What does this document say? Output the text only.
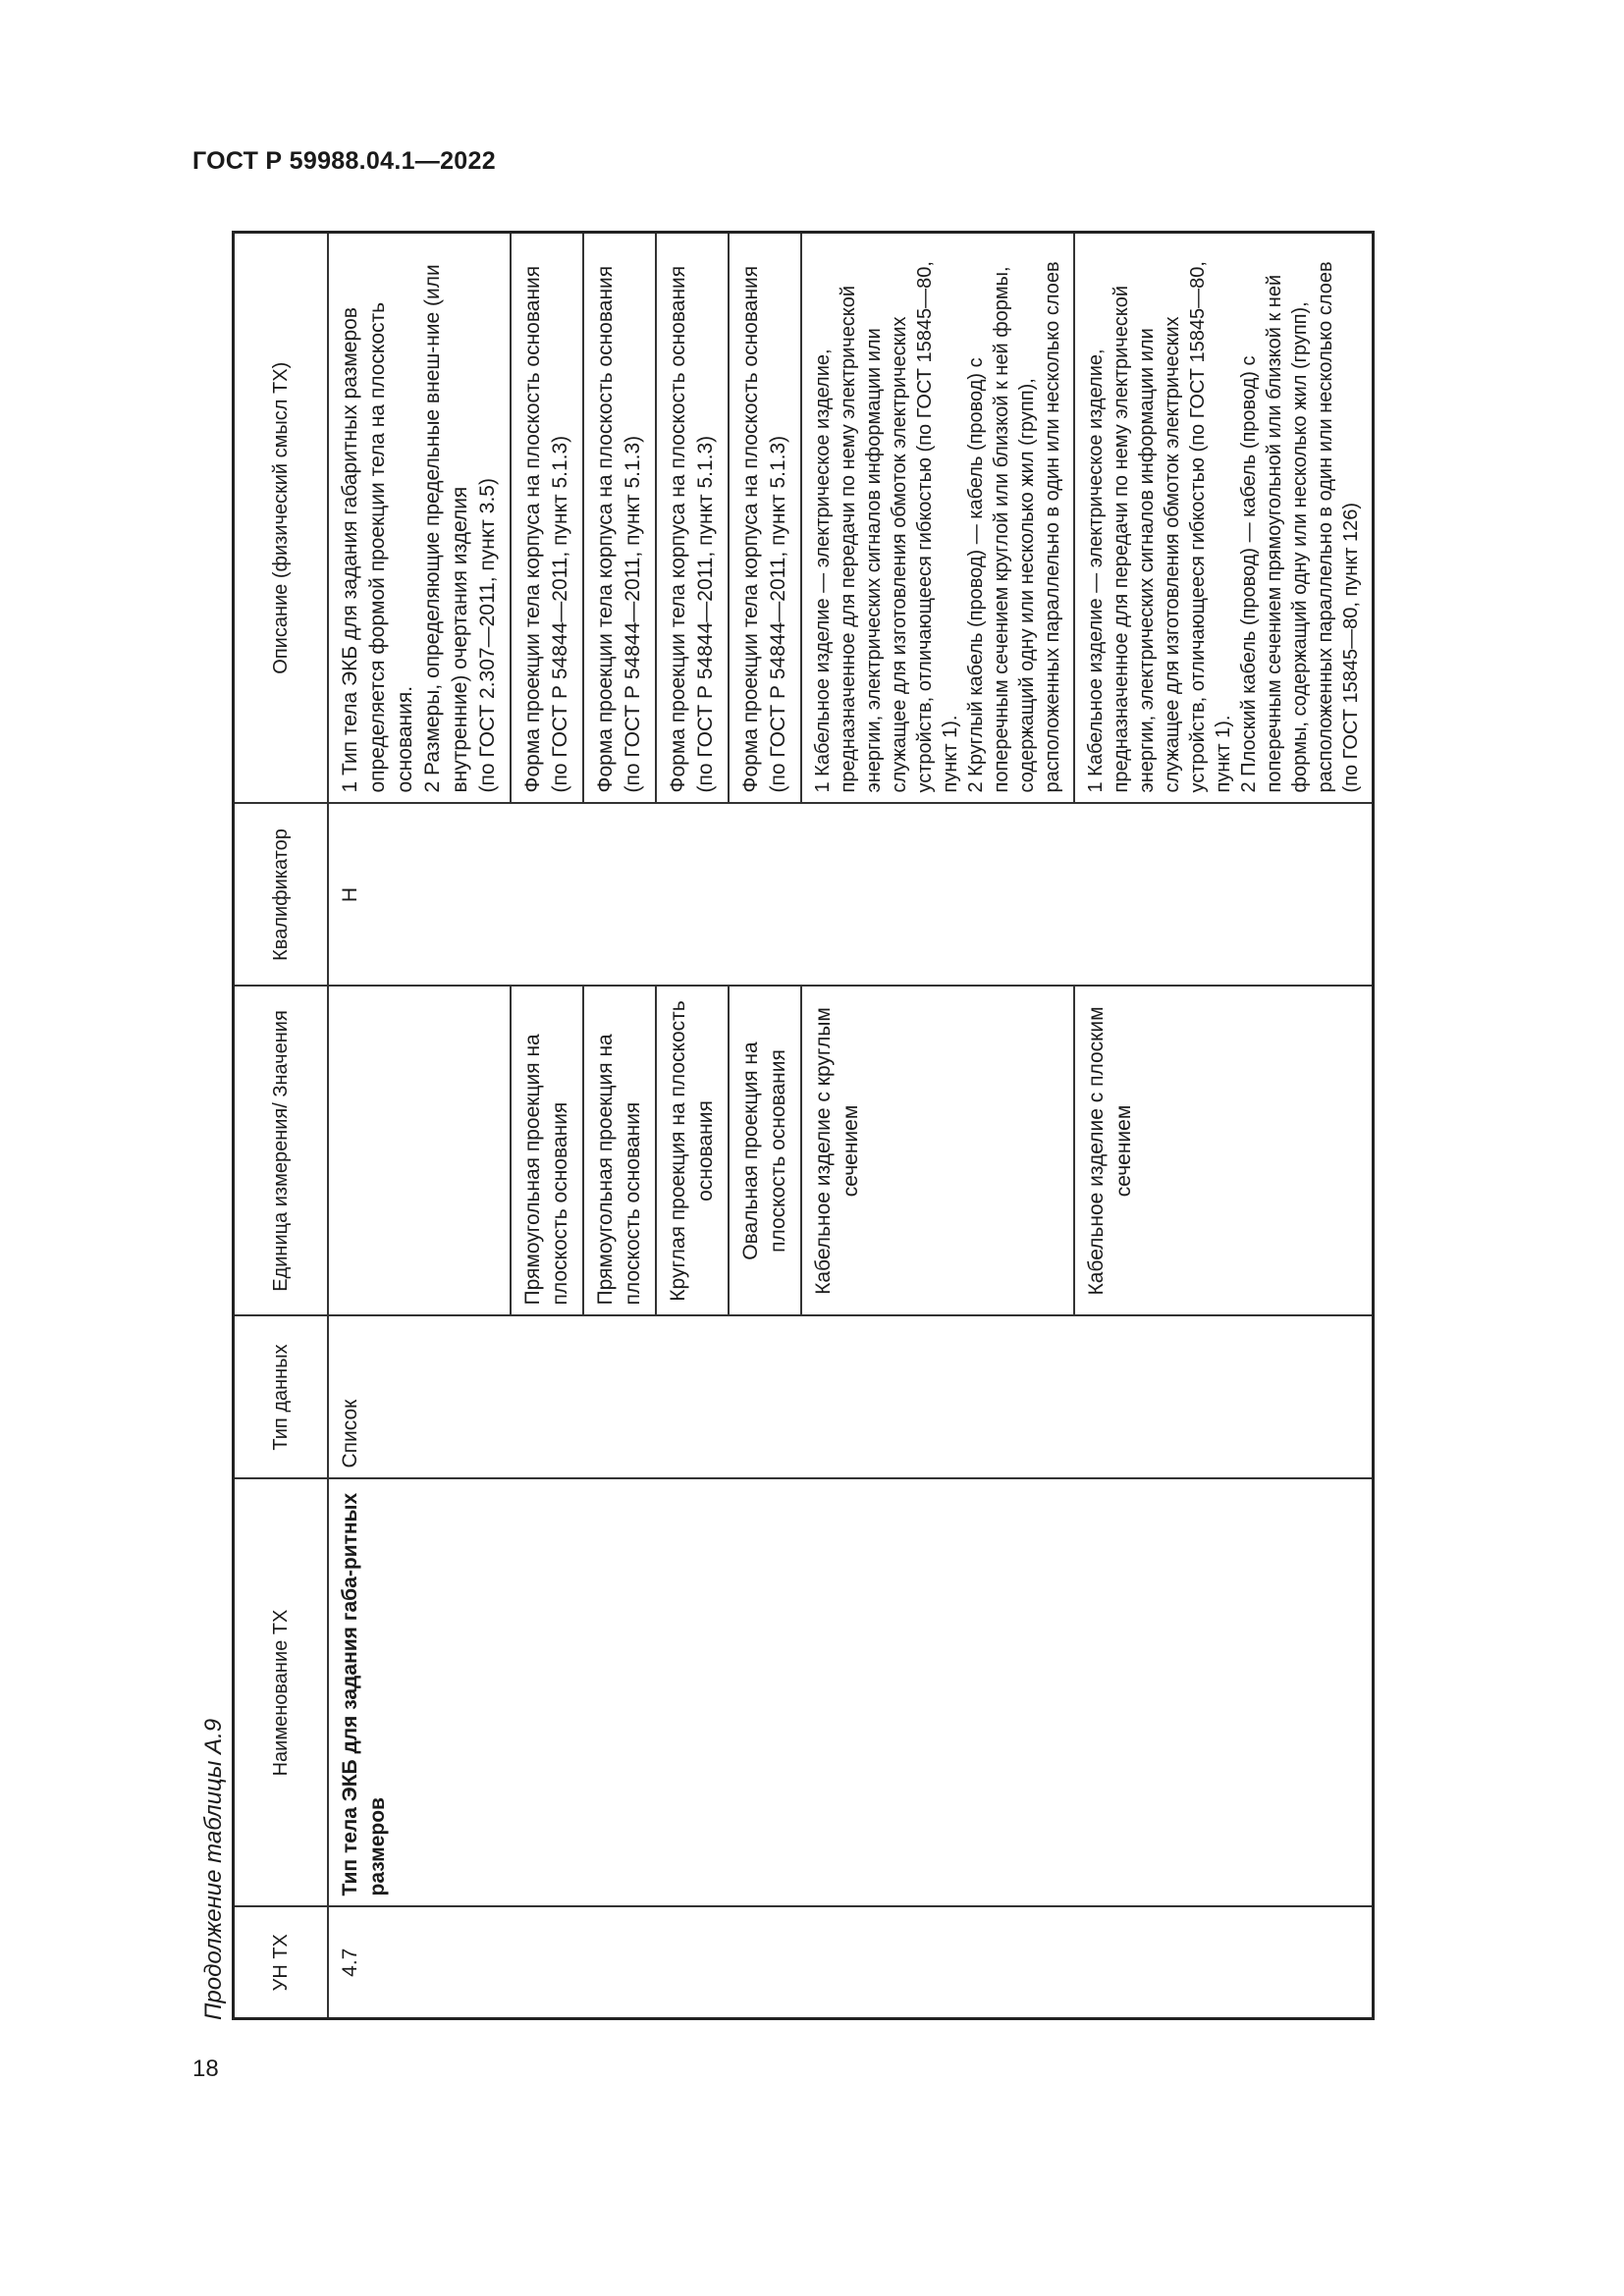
ГОСТ Р 59988.04.1—2022
Продолжение таблицы А.9 УН ТХ	Наименование ТХ	Тип данных	Единица измерения/ Значения	Квалификатор	Описание (физический смысл ТХ)
4.7	Тип тела ЭКБ для задания габа-ритных размеров	Список		Н	1 Тип тела ЭКБ для задания габаритных размеров определяется формой проекции тела на плоскость основания.
2 Размеры, определяющие предельные внеш-ние (или внутренние) очертания изделия
(по ГОСТ 2.307—2011, пункт 3.5)
			Прямоугольная проекция на плоскость основания		Форма проекции тела корпуса на плоскость основания (по ГОСТ Р 54844—2011, пункт 5.1.3)
			Прямоугольная проекция на плоскость основания		Форма проекции тела корпуса на плоскость основания (по ГОСТ Р 54844—2011, пункт 5.1.3)
			Круглая проекция на плоскость основания		Форма проекции тела корпуса на плоскость основания (по ГОСТ Р 54844—2011, пункт 5.1.3)
			Овальная проекция на плоскость основания		Форма проекции тела корпуса на плоскость основания (по ГОСТ Р 54844—2011, пункт 5.1.3)
			Кабельное изделие с круглым сечением		1 Кабельное изделие — электрическое изделие, предназначенное для передачи по нему электрической энергии, электрических сигналов информации или служащее для изготовления обмоток электрических устройств, отличающееся гибкостью (по ГОСТ 15845—80, пункт 1).
2 Круглый кабель (провод) — кабель (провод) с поперечным сечением круглой или близкой к ней формы, содержащий одну или несколько жил (групп), расположенных параллельно в один или несколько слоев
			Кабельное изделие с плоским сечением		1 Кабельное изделие — электрическое изделие, предназначенное для передачи по нему электрической энергии, электрических сигналов информации или служащее для изготовления обмоток электрических устройств, отличающееся гибкостью (по ГОСТ 15845—80, пункт 1).
2 Плоский кабель (провод) — кабель (провод) с поперечным сечением прямоугольной или близкой к ней формы, содержащий одну или несколько жил (групп), расположенных параллельно в один или несколько слоев (по ГОСТ 15845—80, пункт 126)
18
